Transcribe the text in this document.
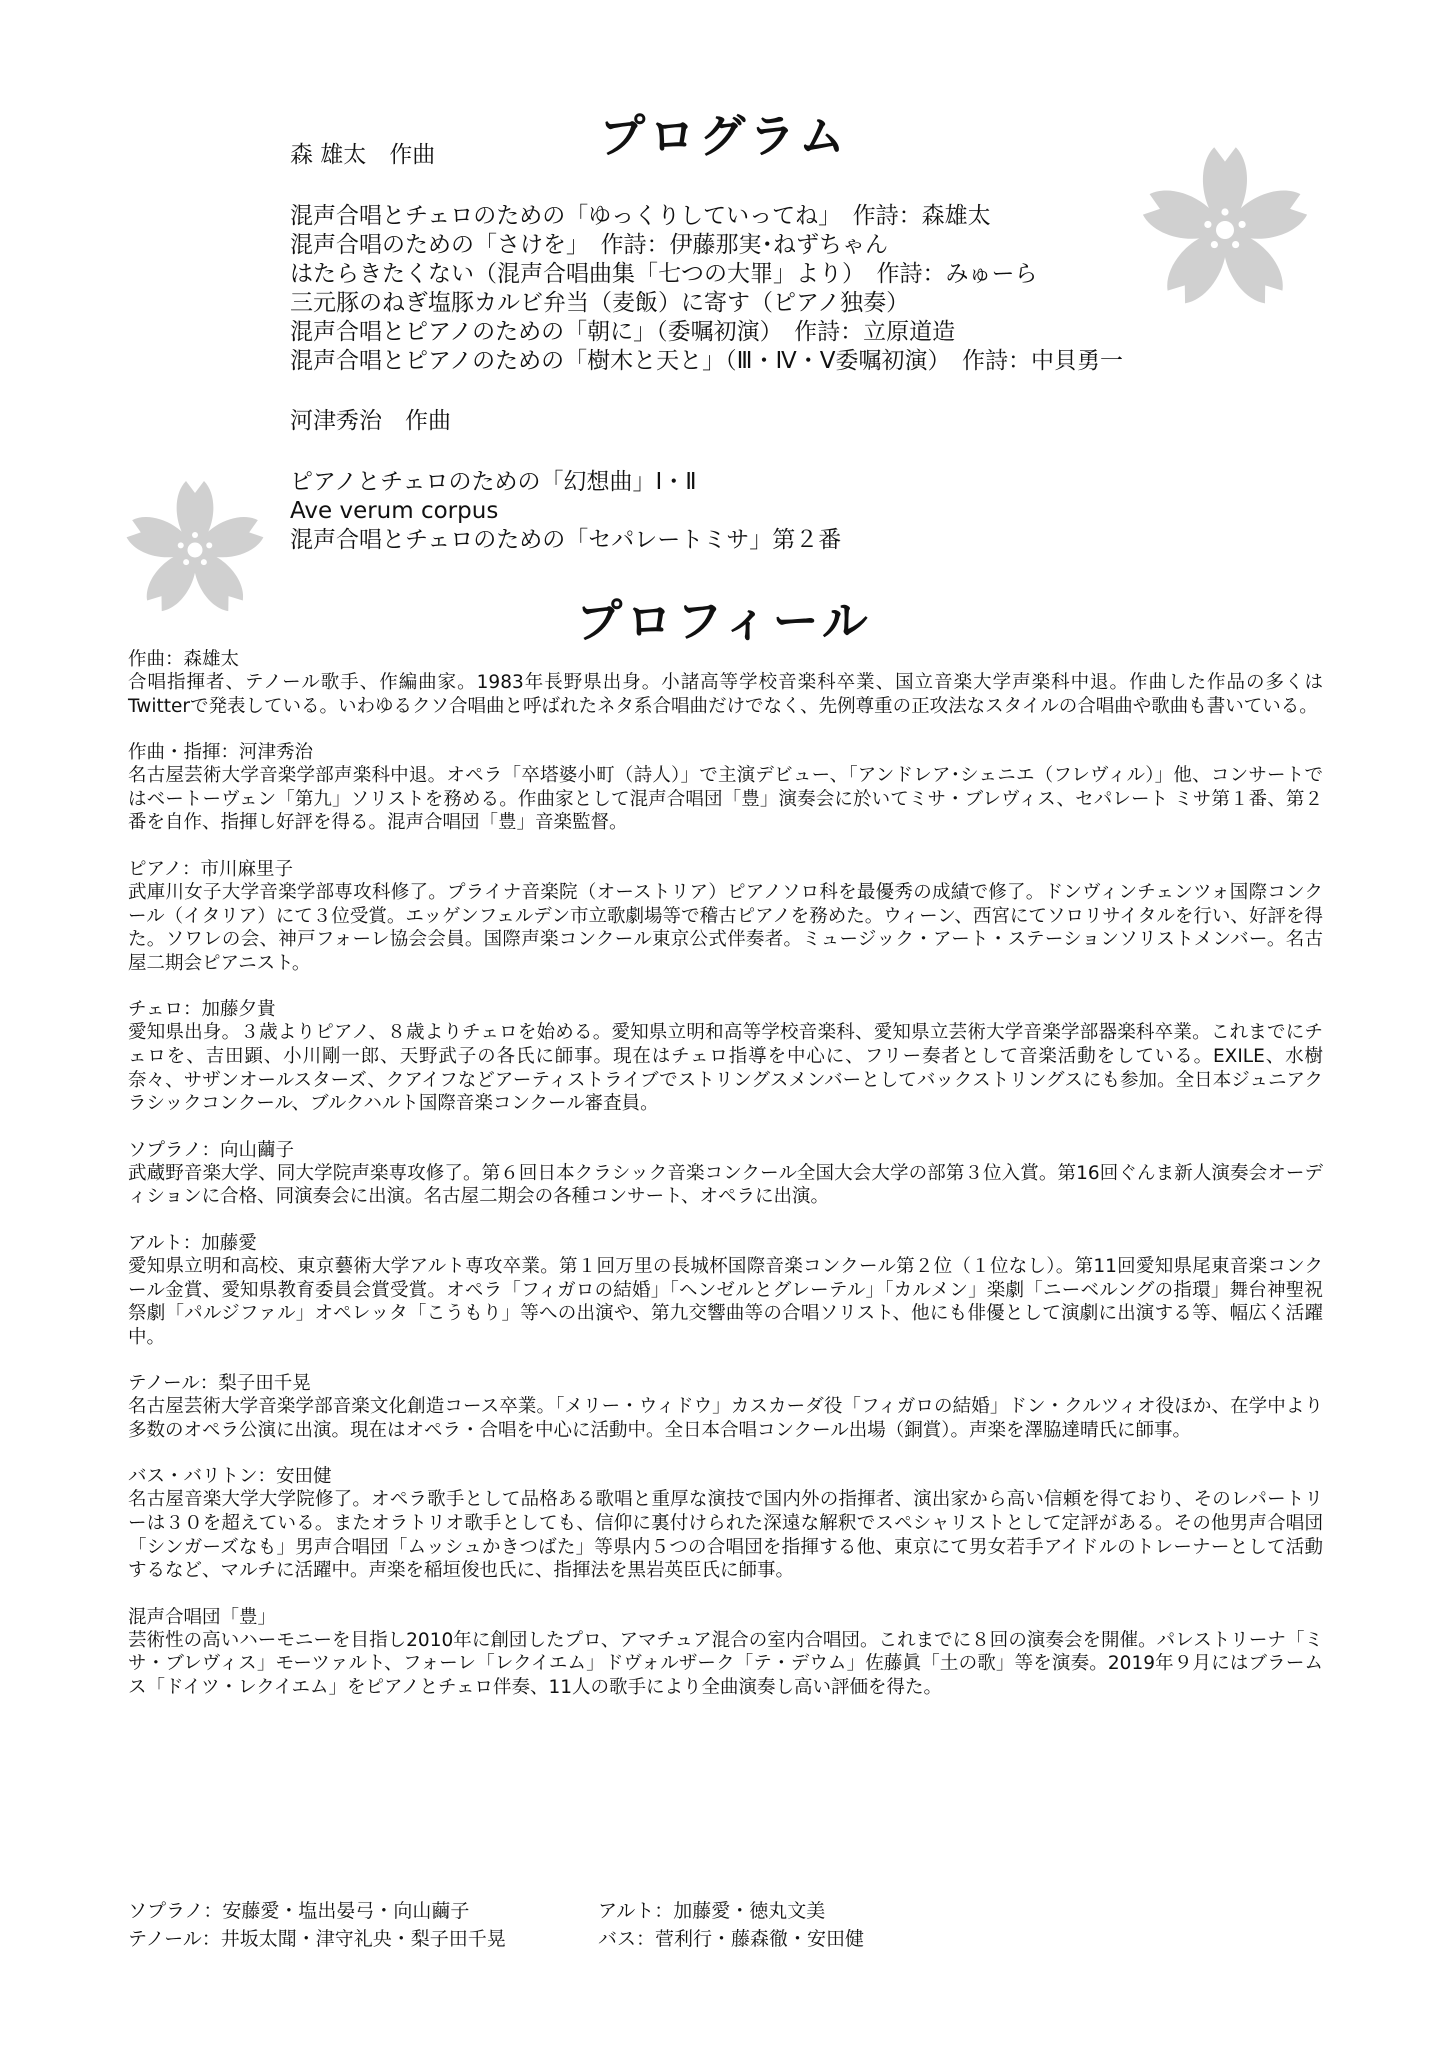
プログラム

森 雄太　作曲

混声合唱とチェロのための「ゆっくりしていってね」　作詩：森雄太
混声合唱のための「さけを」　作詩：伊藤那実･ねずちゃん
はたらきたくない（混声合唱曲集「七つの大罪」より）　作詩：みゅーら
三元豚のねぎ塩豚カルビ弁当（麦飯）に寄す（ピアノ独奏）
混声合唱とピアノのための「朝に」（委嘱初演）　作詩：立原道造
混声合唱とピアノのための「樹木と天と」（Ⅲ・Ⅳ・Ⅴ委嘱初演）　作詩：中貝勇一

河津秀治　作曲

ピアノとチェロのための「幻想曲」Ⅰ・Ⅱ
Ave verum corpus
混声合唱とチェロのための「セパレートミサ」第２番
プロフィール

作曲：森雄太

合唱指揮者、テノール歌手、作編曲家。1983年長野県出身。小諸高等学校音楽科卒業、国立音楽大学声楽科中退。作曲した作品の多くはTwitterで発表している。いわゆるクソ合唱曲と呼ばれたネタ系合唱曲だけでなく、先例尊重の正攻法なスタイルの合唱曲や歌曲も書いている。

作曲・指揮：河津秀治

名古屋芸術大学音楽学部声楽科中退。オペラ「卒塔婆小町（詩人）」で主演デビュー、「アンドレア･シェニエ（フレヴィル）」他、コンサートではベートーヴェン「第九」ソリストを務める。作曲家として混声合唱団「豊」演奏会に於いてミサ・ブレヴィス、セパレート ミサ第１番、第２番を自作、指揮し好評を得る。混声合唱団「豊」音楽監督。

ピアノ：市川麻里子

武庫川女子大学音楽学部専攻科修了。プライナ音楽院（オーストリア）ピアノソロ科を最優秀の成績で修了。ドンヴィンチェンツォ国際コンクール（イタリア）にて３位受賞。エッゲンフェルデン市立歌劇場等で稽古ピアノを務めた。ウィーン、西宮にてソロリサイタルを行い、好評を得た。ソワレの会、神戸フォーレ協会会員。国際声楽コンクール東京公式伴奏者。ミュージック・アート・ステーションソリストメンバー。名古屋二期会ピアニスト。

チェロ：加藤夕貴

愛知県出身。３歳よりピアノ、８歳よりチェロを始める。愛知県立明和高等学校音楽科、愛知県立芸術大学音楽学部器楽科卒業。これまでにチェロを、吉田顕、小川剛一郎、天野武子の各氏に師事。現在はチェロ指導を中心に、フリー奏者として音楽活動をしている。EXILE、水樹奈々、サザンオールスターズ、クアイフなどアーティストライブでストリングスメンバーとしてバックストリングスにも参加。全日本ジュニアクラシックコンクール、ブルクハルト国際音楽コンクール審査員。

ソプラノ：向山繭子

武蔵野音楽大学、同大学院声楽専攻修了。第６回日本クラシック音楽コンクール全国大会大学の部第３位入賞。第16回ぐんま新人演奏会オーディションに合格、同演奏会に出演。名古屋二期会の各種コンサート、オペラに出演。

アルト：加藤愛

愛知県立明和高校、東京藝術大学アルト専攻卒業。第１回万里の長城杯国際音楽コンクール第２位（１位なし）。第11回愛知県尾東音楽コンクール金賞、愛知県教育委員会賞受賞。オペラ「フィガロの結婚」「ヘンゼルとグレーテル」「カルメン」楽劇「ニーベルングの指環」舞台神聖祝祭劇「パルジファル」オペレッタ「こうもり」等への出演や、第九交響曲等の合唱ソリスト、他にも俳優として演劇に出演する等、幅広く活躍中。

テノール：梨子田千晃

名古屋芸術大学音楽学部音楽文化創造コース卒業。「メリー・ウィドウ」カスカーダ役「フィガロの結婚」ドン・クルツィオ役ほか、在学中より多数のオペラ公演に出演。現在はオペラ・合唱を中心に活動中。全日本合唱コンクール出場（銅賞）。声楽を澤脇達晴氏に師事。

バス・バリトン：安田健

名古屋音楽大学大学院修了。オペラ歌手として品格ある歌唱と重厚な演技で国内外の指揮者、演出家から高い信頼を得ており、そのレパートリーは３０を超えている。またオラトリオ歌手としても、信仰に裏付けられた深遠な解釈でスペシャリストとして定評がある。その他男声合唱団「シンガーズなも」男声合唱団「ムッシュかきつばた」等県内５つの合唱団を指揮する他、東京にて男女若手アイドルのトレーナーとして活動するなど、マルチに活躍中。声楽を稲垣俊也氏に、指揮法を黒岩英臣氏に師事。

混声合唱団「豊」

芸術性の高いハーモニーを目指し2010年に創団したプロ、アマチュア混合の室内合唱団。これまでに８回の演奏会を開催。パレストリーナ「ミサ・ブレヴィス」モーツァルト、フォーレ「レクイエム」ドヴォルザーク「テ・デウム」佐藤眞「土の歌」等を演奏。2019年９月にはブラームス「ドイツ・レクイエム」をピアノとチェロ伴奏、11人の歌手により全曲演奏し高い評価を得た。

ソプラノ：安藤愛・塩出晏弓・向山繭子	アルト：加藤愛・徳丸文美
テノール：井坂太聞・津守礼央・梨子田千晃	バス：菅利行・藤森徹・安田健
